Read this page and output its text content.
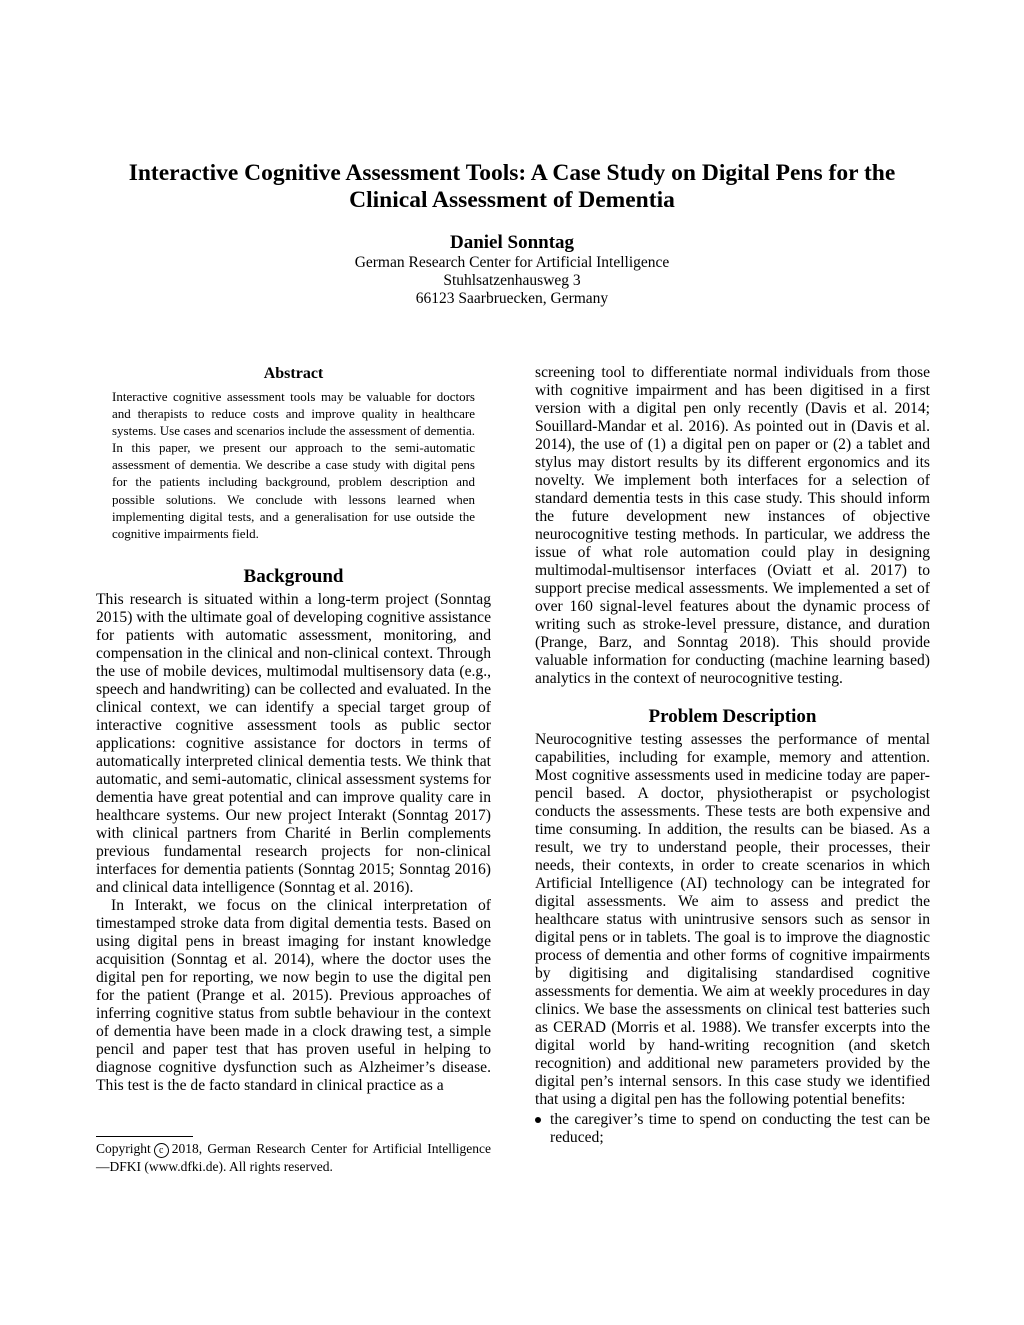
Interactive Cognitive Assessment Tools: A Case Study on Digital Pens for the
Clinical Assessment of Dementia
Daniel Sonntag
German Research Center for Artificial Intelligence
Stuhlsatzenhausweg 3
66123 Saarbruecken, Germany
Abstract

Interactive cognitive assessment tools may be valuable for doctors and therapists to reduce costs and improve quality in healthcare systems. Use cases and scenarios include the assessment of dementia. In this paper, we present our approach to the semi-automatic assessment of dementia. We describe a case study with digital pens for the patients including background, problem description and possible solutions. We conclude with lessons learned when implementing digital tests, and a generalisation for use outside the cognitive impairments field.

Background

This research is situated within a long-term project (Sonntag 2015) with the ultimate goal of developing cognitive assistance for patients with automatic assessment, monitoring, and compensation in the clinical and non-clinical context. Through the use of mobile devices, multimodal multisensory data (e.g., speech and handwriting) can be collected and evaluated. In the clinical context, we can identify a special target group of interactive cognitive assessment tools as public sector applications: cognitive assistance for doctors in terms of automatically interpreted clinical dementia tests. We think that automatic, and semi-automatic, clinical assessment systems for dementia have great potential and can improve quality care in healthcare systems. Our new project Interakt (Sonntag 2017) with clinical partners from Charité in Berlin complements previous fundamental research projects for non-clinical interfaces for dementia patients (Sonntag 2015; Sonntag 2016) and clinical data intelligence (Sonntag et al. 2016).

In Interakt, we focus on the clinical interpretation of timestamped stroke data from digital dementia tests. Based on using digital pens in breast imaging for instant knowledge acquisition (Sonntag et al. 2014), where the doctor uses the digital pen for reporting, we now begin to use the digital pen for the patient (Prange et al. 2015). Previous approaches of inferring cognitive status from subtle behaviour in the context of dementia have been made in a clock drawing test, a simple pencil and paper test that has proven useful in helping to diagnose cognitive dysfunction such as Alzheimer’s disease. This test is the de facto standard in clinical practice as a

screening tool to differentiate normal individuals from those with cognitive impairment and has been digitised in a first version with a digital pen only recently (Davis et al. 2014; Souillard-Mandar et al. 2016). As pointed out in (Davis et al. 2014), the use of (1) a digital pen on paper or (2) a tablet and stylus may distort results by its different ergonomics and its novelty. We implement both interfaces for a selection of standard dementia tests in this case study. This should inform the future development new instances of objective neurocognitive testing methods. In particular, we address the issue of what role automation could play in designing multimodal-multisensor interfaces (Oviatt et al. 2017) to support precise medical assessments. We implemented a set of over 160 signal-level features about the dynamic process of writing such as stroke-level pressure, distance, and duration (Prange, Barz, and Sonntag 2018). This should provide valuable information for conducting (machine learning based) analytics in the context of neurocognitive testing.

Problem Description

Neurocognitive testing assesses the performance of mental capabilities, including for example, memory and attention. Most cognitive assessments used in medicine today are paper-pencil based. A doctor, physiotherapist or psychologist conducts the assessments. These tests are both expensive and time consuming. In addition, the results can be biased. As a result, we try to understand people, their processes, their needs, their contexts, in order to create scenarios in which Artificial Intelligence (AI) technology can be integrated for digital assessments. We aim to assess and predict the healthcare status with unintrusive sensors such as sensor in digital pens or in tablets. The goal is to improve the diagnostic process of dementia and other forms of cognitive impairments by digitising and digitalising standardised cognitive assessments for dementia. We aim at weekly procedures in day clinics. We base the assessments on clinical test batteries such as CERAD (Morris et al. 1988). We transfer excerpts into the digital world by hand-writing recognition (and sketch recognition) and additional new parameters provided by the digital pen’s internal sensors. In this case study we identified that using a digital pen has the following potential benefits:

the caregiver’s time to spend on conducting the test can be reduced;

Copyright c 2018, German Research Center for Artificial Intelligence—DFKI (www.dfki.de). All rights reserved.
